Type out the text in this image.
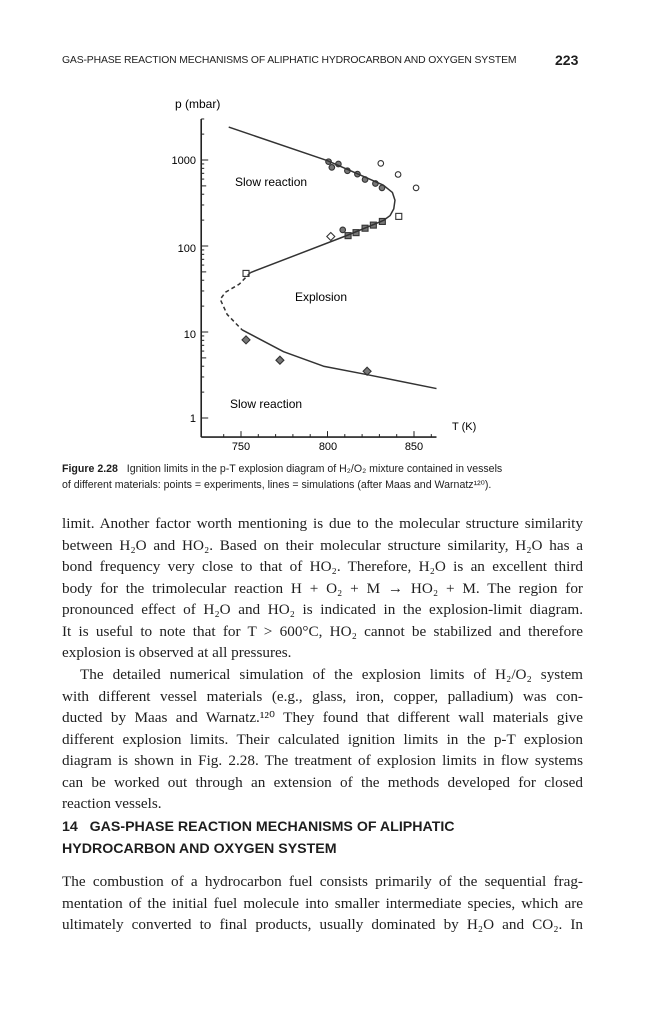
GAS-PHASE REACTION MECHANISMS OF ALIPHATIC HYDROCARBON AND OXYGEN SYSTEM	223
p (mbar)
T (K)
Slow reaction
Explosion
Slow reaction
1000
100
10
1
750	800	850
Figure 2.28 Ignition limits in the p-T explosion diagram of H₂/O₂ mixture contained in vessels
of different materials: points = experiments, lines = simulations (after Maas and Warnatz¹²⁰).
limit. Another factor worth mentioning is due to the molecular structure similarity
between H₂O and HO₂. Based on their molecular structure similarity, H₂O has a
bond frequency very close to that of HO₂. Therefore, H₂O is an excellent third
body for the trimolecular reaction H + O₂ + M → HO₂ + M. The region for
pronounced effect of H₂O and HO₂ is indicated in the explosion-limit diagram.
It is useful to note that for T > 600°C, HO₂ cannot be stabilized and therefore
explosion is observed at all pressures.
The detailed numerical simulation of the explosion limits of H₂/O₂ system
with different vessel materials (e.g., glass, iron, copper, palladium) was con-
ducted by Maas and Warnatz.¹²⁰ They found that different wall materials give
different explosion limits. Their calculated ignition limits in the p-T explosion
diagram is shown in Fig. 2.28. The treatment of explosion limits in flow systems
can be worked out through an extension of the methods developed for closed
reaction vessels.
14   GAS-PHASE REACTION MECHANISMS OF ALIPHATIC
HYDROCARBON AND OXYGEN SYSTEM
The combustion of a hydrocarbon fuel consists primarily of the sequential frag-
mentation of the initial fuel molecule into smaller intermediate species, which are
ultimately converted to final products, usually dominated by H₂O and CO₂. In
